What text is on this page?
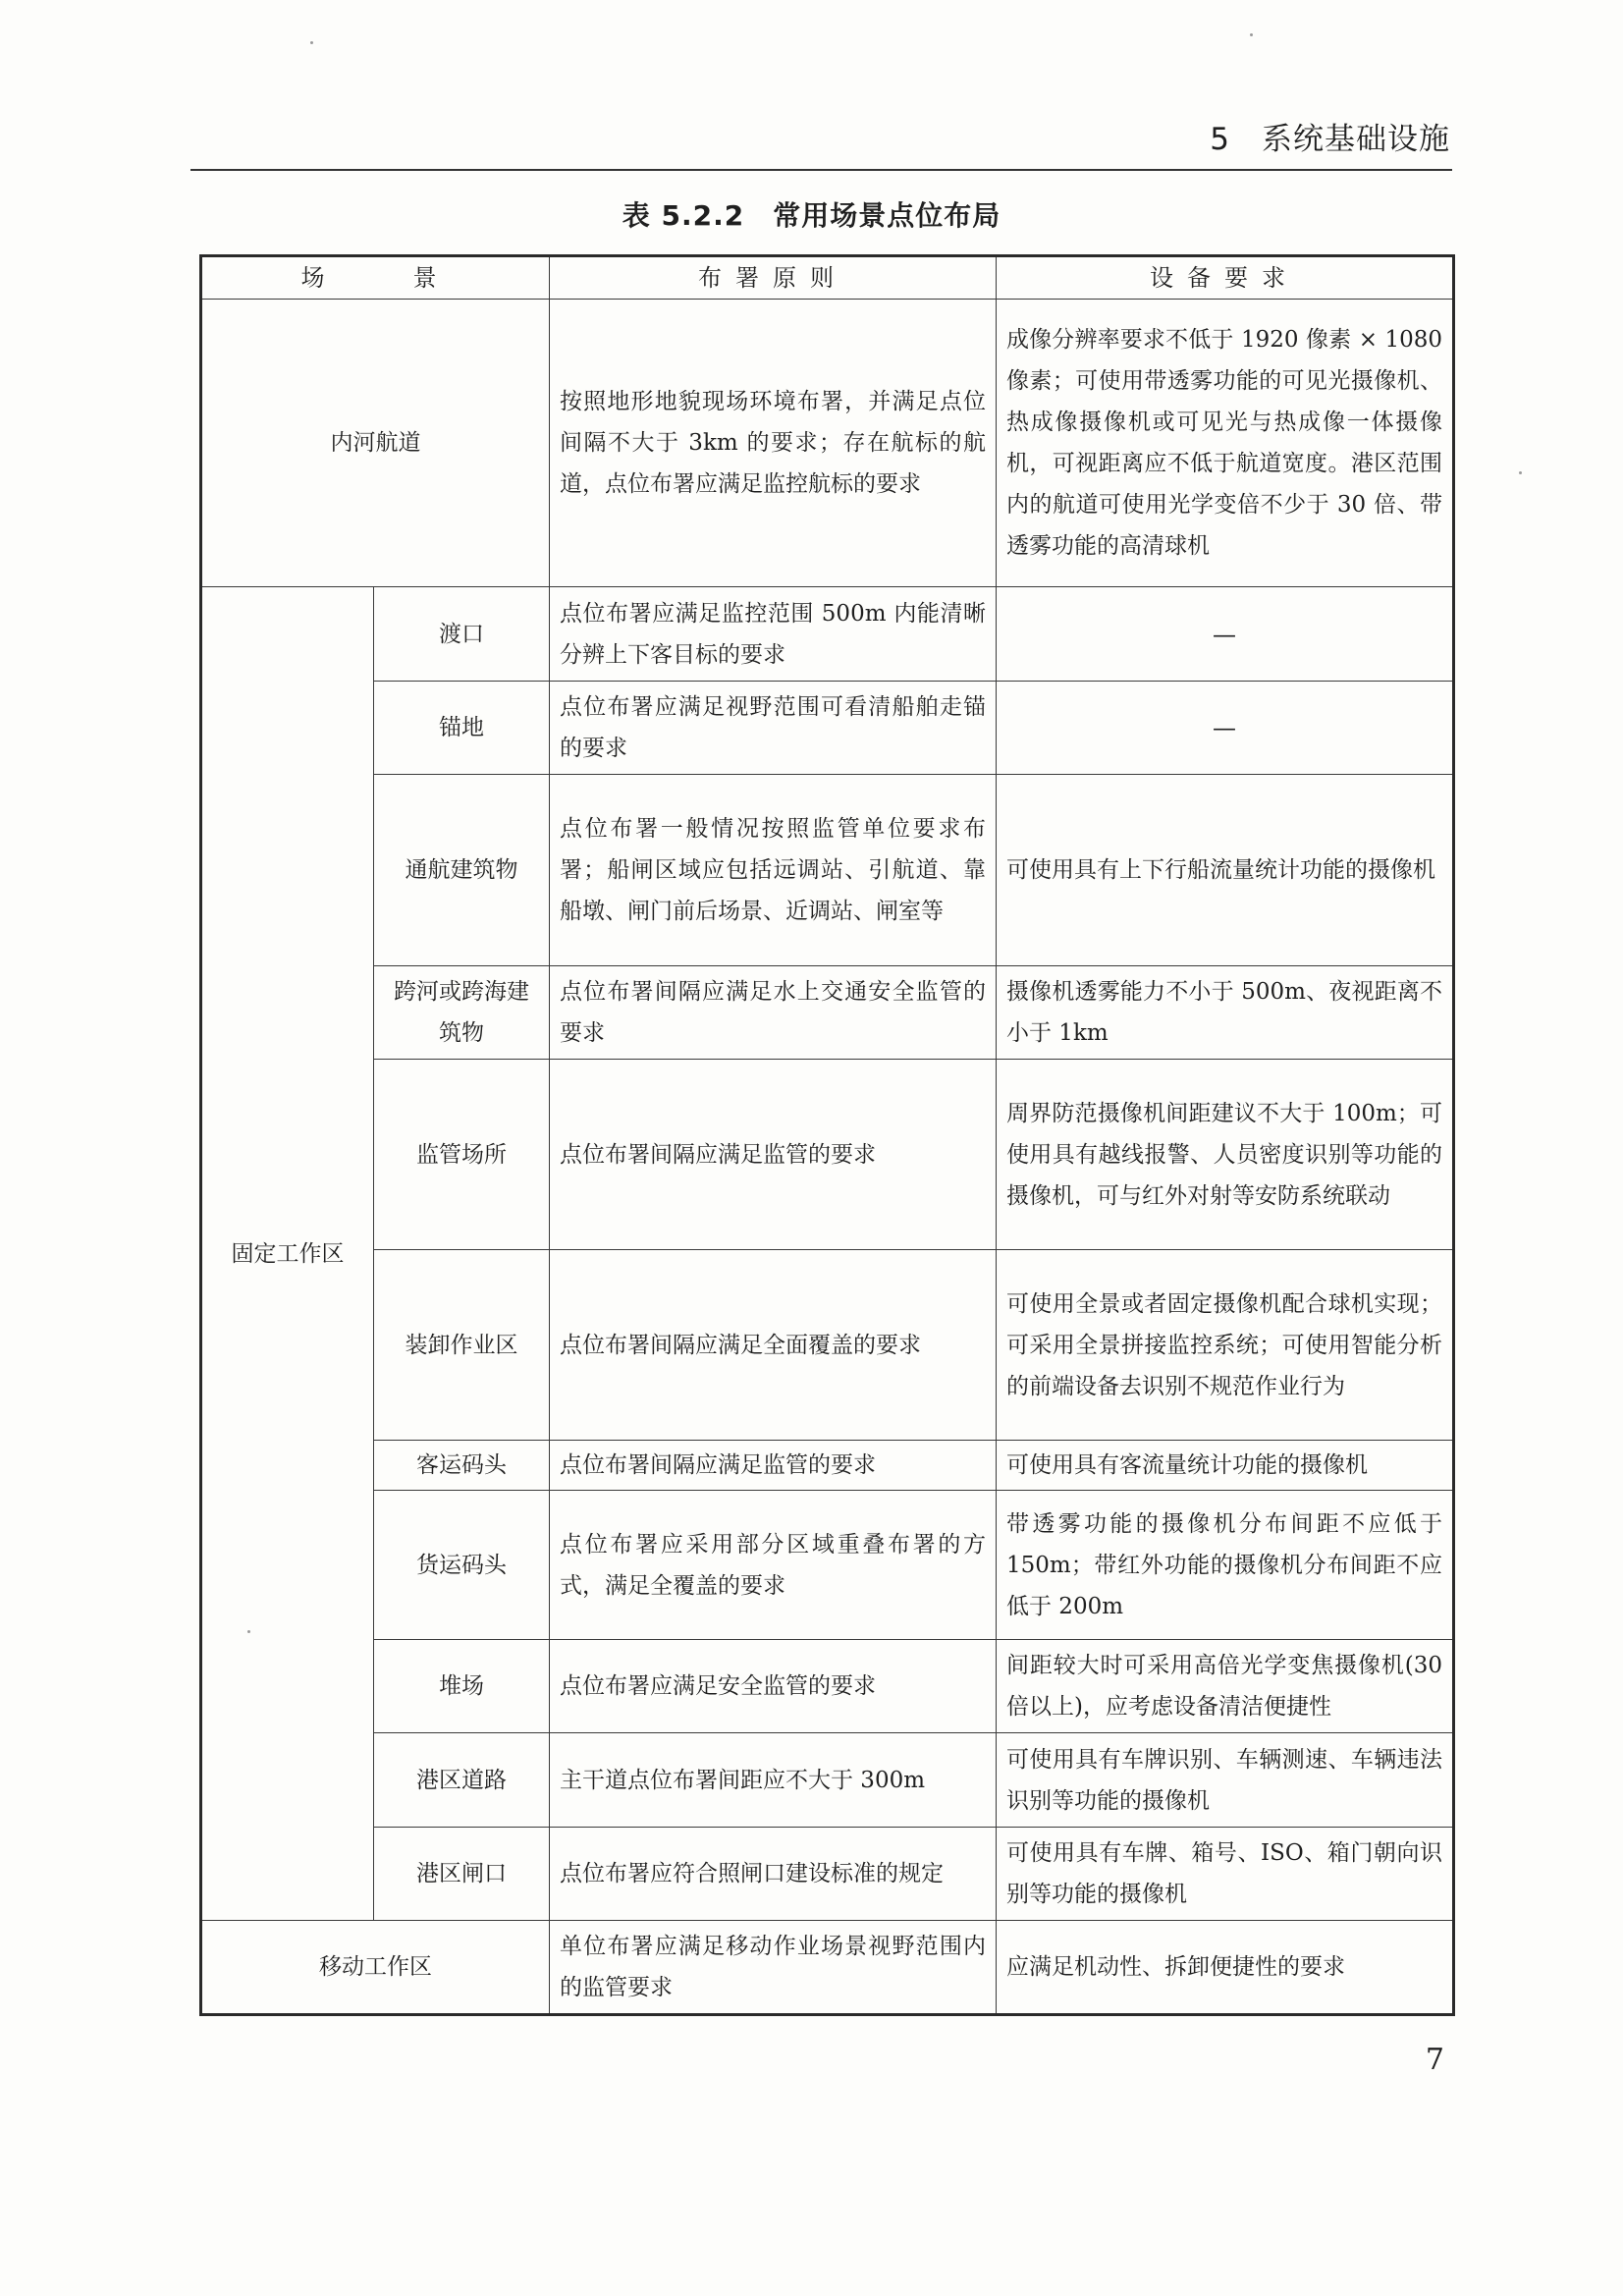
5　系统基础设施
表 5.2.2　常用场景点位布局
场　　景		布署原则	设备要求
内河航道		按照地形地貌现场环境布署，并满足点位间隔不大于 3km 的要求；存在航标的航道，点位布署应满足监控航标的要求	成像分辨率要求不低于 1920 像素 × 1080 像素；可使用带透雾功能的可见光摄像机、热成像摄像机或可见光与热成像一体摄像机，可视距离应不低于航道宽度。港区范围内的航道可使用光学变倍不少于 30 倍、带透雾功能的高清球机
固定工作区	渡口	点位布署应满足监控范围 500m 内能清晰分辨上下客目标的要求	—
	锚地	点位布署应满足视野范围可看清船舶走锚的要求	—
	通航建筑物	点位布署一般情况按照监管单位要求布署；船闸区域应包括远调站、引航道、靠船墩、闸门前后场景、近调站、闸室等	可使用具有上下行船流量统计功能的摄像机
	跨河或跨海建筑物	点位布署间隔应满足水上交通安全监管的要求	摄像机透雾能力不小于 500m、夜视距离不小于 1km
	监管场所	点位布署间隔应满足监管的要求	周界防范摄像机间距建议不大于 100m；可使用具有越线报警、人员密度识别等功能的摄像机，可与红外对射等安防系统联动
	装卸作业区	点位布署间隔应满足全面覆盖的要求	可使用全景或者固定摄像机配合球机实现；可采用全景拼接监控系统；可使用智能分析的前端设备去识别不规范作业行为
	客运码头	点位布署间隔应满足监管的要求	可使用具有客流量统计功能的摄像机
	货运码头	点位布署应采用部分区域重叠布署的方式，满足全覆盖的要求	带透雾功能的摄像机分布间距不应低于 150m；带红外功能的摄像机分布间距不应低于 200m
	堆场	点位布署应满足安全监管的要求	间距较大时可采用高倍光学变焦摄像机(30 倍以上)，应考虑设备清洁便捷性
	港区道路	主干道点位布署间距应不大于 300m	可使用具有车牌识别、车辆测速、车辆违法识别等功能的摄像机
	港区闸口	点位布署应符合照闸口建设标准的规定	可使用具有车牌、箱号、ISO、箱门朝向识别等功能的摄像机
移动工作区		单位布署应满足移动作业场景视野范围内的监管要求	应满足机动性、拆卸便捷性的要求
7
